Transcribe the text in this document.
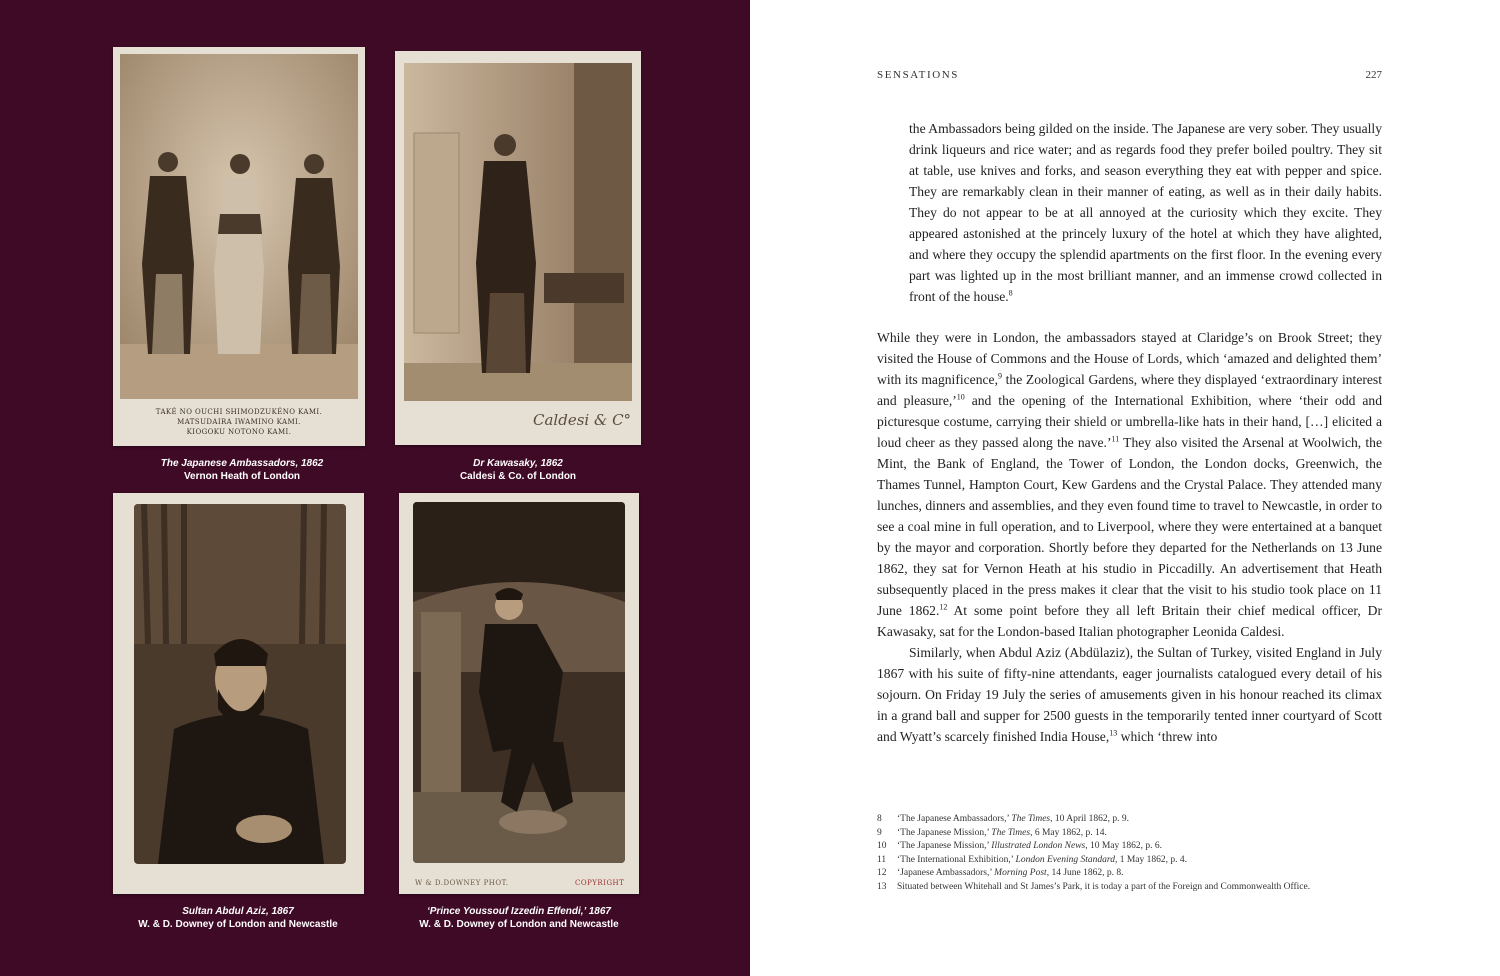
TAKÉ NO OUCHI SHIMODZUKÉNO KAMI.
MATSUDAIRA IWAMINO KAMI.
KIOGOKU NOTONO KAMI.
The Japanese Ambassadors, 1862
Vernon Heath of London
Caldesi & C°
Dr Kawasaky, 1862
Caldesi & Co. of London
Sultan Abdul Aziz, 1867
W. & D. Downey of London and Newcastle
W & D.DOWNEY PHOT.	COPYRIGHT
‘Prince Youssouf Izzedin Effendi,’ 1867
W. & D. Downey of London and Newcastle
SENSATIONS	227

the Ambassadors being gilded on the inside. The Japanese are very sober. They usually drink liqueurs and rice water; and as regards food they prefer boiled poultry. They sit at table, use knives and forks, and season everything they eat with pepper and spice. They are remarkably clean in their manner of eating, as well as in their daily habits. They do not appear to be at all annoyed at the curiosity which they excite. They appeared astonished at the princely luxury of the hotel at which they have alighted, and where they occupy the splendid apartments on the first floor. In the evening every part was lighted up in the most brilliant manner, and an immense crowd collected in front of the house.$^8$

While they were in London, the ambassadors stayed at Claridge’s on Brook Street; they visited the House of Commons and the House of Lords, which ‘amazed and delighted them’ with its magnificence,$^9$ the Zoological Gardens, where they displayed ‘extraordinary interest and pleasure,’$^{10}$ and the opening of the International Exhibition, where ‘their odd and picturesque costume, carrying their shield or umbrella-like hats in their hand, […] elicited a loud cheer as they passed along the nave.’$^{11}$ They also visited the Arsenal at Woolwich, the Mint, the Bank of England, the Tower of London, the London docks, Greenwich, the Thames Tunnel, Hampton Court, Kew Gardens and the Crystal Palace. They attended many lunches, dinners and assemblies, and they even found time to travel to Newcastle, in order to see a coal mine in full operation, and to Liverpool, where they were entertained at a banquet by the mayor and corporation. Shortly before they departed for the Netherlands on 13 June 1862, they sat for Vernon Heath at his studio in Piccadilly. An advertisement that Heath subsequently placed in the press makes it clear that the visit to his studio took place on 11 June 1862.12 At some point before they all left Britain their chief medical officer, Dr Kawasaky, sat for the London-based Italian photographer Leonida Caldesi.

Similarly, when Abdul Aziz (Abdülaziz), the Sultan of Turkey, visited England in July 1867 with his suite of fifty-nine attendants, eager journalists catalogued every detail of his sojourn. On Friday 19 July the series of amusements given in his honour reached its climax in a grand ball and supper for 2500 guests in the temporarily tented inner courtyard of Scott and Wyatt’s scarcely finished India House,$^{13}$ which ‘threw into

8	‘The Japanese Ambassadors,’ The Times, 10 April 1862, p. 9.
9	‘The Japanese Mission,’ The Times, 6 May 1862, p. 14.
10	‘The Japanese Mission,’ Illustrated London News, 10 May 1862, p. 6.
11	‘The International Exhibition,’ London Evening Standard, 1 May 1862, p. 4.
12	‘Japanese Ambassadors,’ Morning Post, 14 June 1862, p. 8.
13	Situated between Whitehall and St James’s Park, it is today a part of the Foreign and Commonwealth Office.
